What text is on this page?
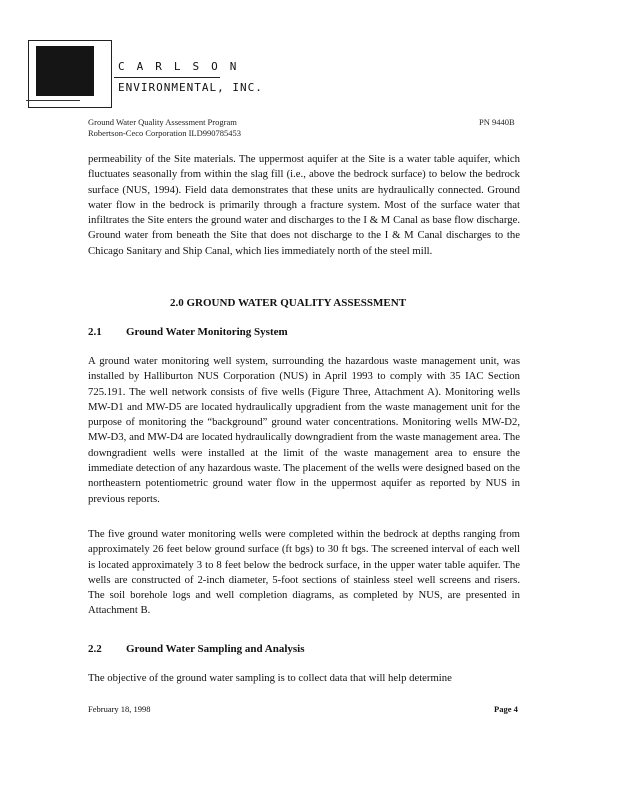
CARLSON
ENVIRONMENTAL, INC.
Ground Water Quality Assessment Program
Robertson-Ceco Corporation ILD990785453
PN 9440B

permeability of the Site materials. The uppermost aquifer at the Site is a water table aquifer, which fluctuates seasonally from within the slag fill (i.e., above the bedrock surface) to below the bedrock surface (NUS, 1994). Field data demonstrates that these units are hydraulically connected. Ground water flow in the bedrock is primarily through a fracture system. Most of the surface water that infiltrates the Site enters the ground water and discharges to the I & M Canal as base flow discharge. Ground water from beneath the Site that does not discharge to the I & M Canal discharges to the Chicago Sanitary and Ship Canal, which lies immediately north of the steel mill.

2.0 GROUND WATER QUALITY ASSESSMENT
2.1 Ground Water Monitoring System

A ground water monitoring well system, surrounding the hazardous waste management unit, was installed by Halliburton NUS Corporation (NUS) in April 1993 to comply with 35 IAC Section 725.191. The well network consists of five wells (Figure Three, Attachment A). Monitoring wells MW-D1 and MW-D5 are located hydraulically upgradient from the waste management unit for the purpose of monitoring the “background” ground water concentrations. Monitoring wells MW-D2, MW-D3, and MW-D4 are located hydraulically downgradient from the waste management area. The downgradient wells were installed at the limit of the waste management area to ensure the immediate detection of any hazardous waste. The placement of the wells were designed based on the northeastern potentiometric ground water flow in the uppermost aquifer as reported by NUS in previous reports.

The five ground water monitoring wells were completed within the bedrock at depths ranging from approximately 26 feet below ground surface (ft bgs) to 30 ft bgs. The screened interval of each well is located approximately 3 to 8 feet below the bedrock surface, in the upper water table aquifer. The wells are constructed of 2-inch diameter, 5-foot sections of stainless steel well screens and risers. The soil borehole logs and well completion diagrams, as completed by NUS, are presented in Attachment B.

2.2 Ground Water Sampling and Analysis

The objective of the ground water sampling is to collect data that will help determine

February 18, 1998	Page 4
